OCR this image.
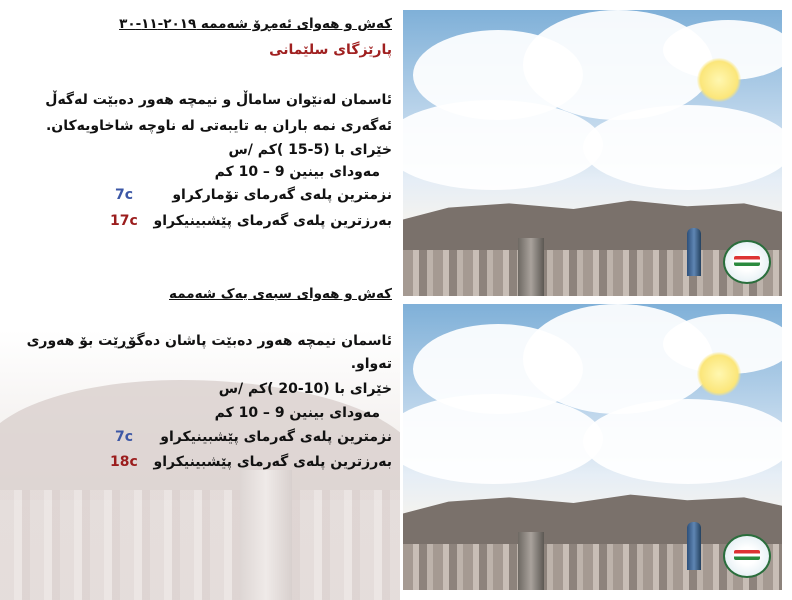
کەش و هەوای ئەمڕۆ شەممە ٢٠١٩-١١-٣٠
پارێزگای سلێمانی
ئاسمان لەنێوان ساماڵ و نیمچە هەور دەبێت لەگەڵ
ئەگەری نمە باران بە تایبەتی لە ناوچە شاخاویەکان.
خێرای با (5-15 )کم /س
مەودای بینین 9 – 10 کم
نزمترین پلەی گەرمای تۆمارکراو
7c
بەرزترین پلەی گەرمای پێشبینیکراو
17c
کەش و هەوای سبەی یەک شەممە
ئاسمان نیمچە هەور دەبێت پاشان دەگۆڕێت بۆ هەوری
تەواو.
خێرای با (10-20 )کم /س
مەودای بینین 9 – 10 کم
نزمترین پلەی گەرمای پێشبینیکراو
7c
بەرزترین پلەی گەرمای پێشبینیکراو
18c
